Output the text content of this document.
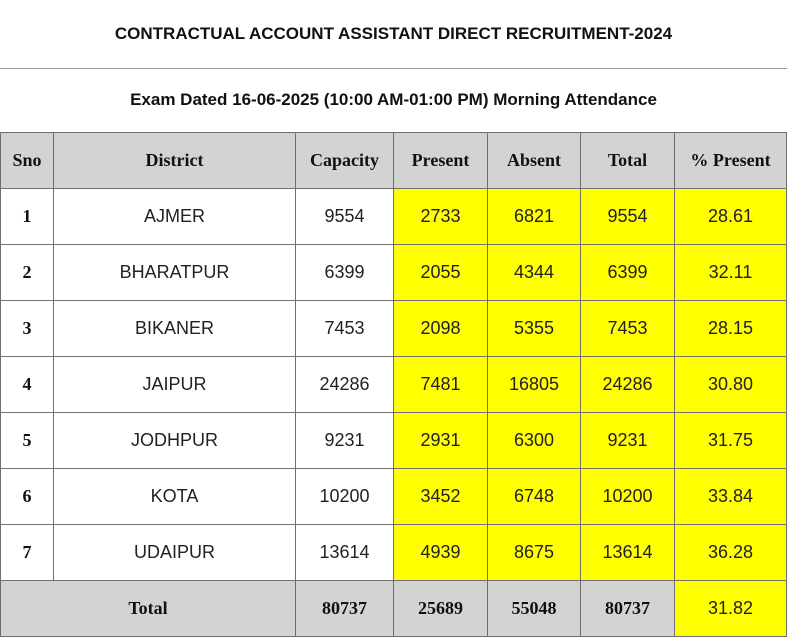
CONTRACTUAL ACCOUNT ASSISTANT DIRECT RECRUITMENT-2024
Exam Dated 16-06-2025 (10:00 AM-01:00 PM) Morning Attendance
Sno	District	Capacity	Present	Absent	Total	% Present
1	AJMER	9554	2733	6821	9554	28.61
2	BHARATPUR	6399	2055	4344	6399	32.11
3	BIKANER	7453	2098	5355	7453	28.15
4	JAIPUR	24286	7481	16805	24286	30.80
5	JODHPUR	9231	2931	6300	9231	31.75
6	KOTA	10200	3452	6748	10200	33.84
7	UDAIPUR	13614	4939	8675	13614	36.28
Total		80737	25689	55048	80737	31.82
